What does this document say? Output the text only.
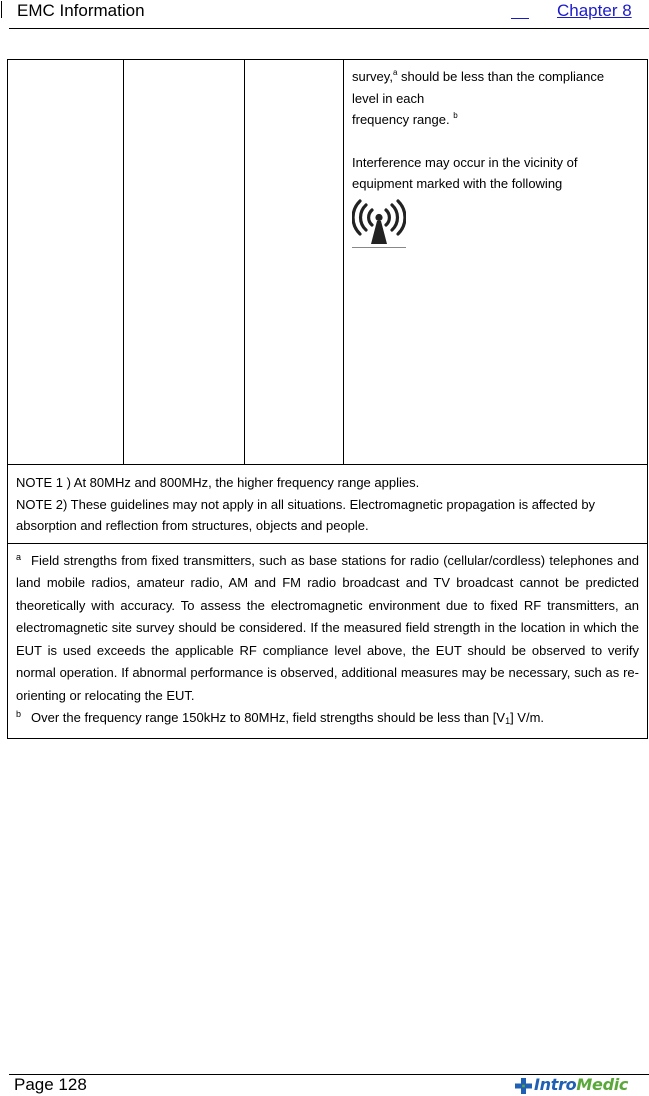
EMC Information	Chapter 8

survey,$^a$ should be less than the compliance
level in each
frequency range. $^b$
Interference may occur in the vicinity of
equipment marked with the following

NOTE 1 ) At 80MHz and 800MHz, the higher frequency range applies.
NOTE 2) These guidelines may not apply in all situations. Electromagnetic propagation is affected by absorption and reflection from structures, objects and people.

$^a$ Field strengths from fixed transmitters, such as base stations for radio (cellular/cordless) telephones and land mobile radios, amateur radio, AM and FM radio broadcast and TV broadcast cannot be predicted theoretically with accuracy. To assess the electromagnetic environment due to fixed RF transmitters, an electromagnetic site survey should be considered. If the measured field strength in the location in which the EUT is used exceeds the applicable RF compliance level above, the EUT should be observed to verify normal operation. If abnormal performance is observed, additional measures may be necessary, such as re-orienting or relocating the EUT.

$^b$ Over the frequency range 150kHz to 80MHz, field strengths should be less than $[V_1]$ V/m.

Page 128	IntroMedic
